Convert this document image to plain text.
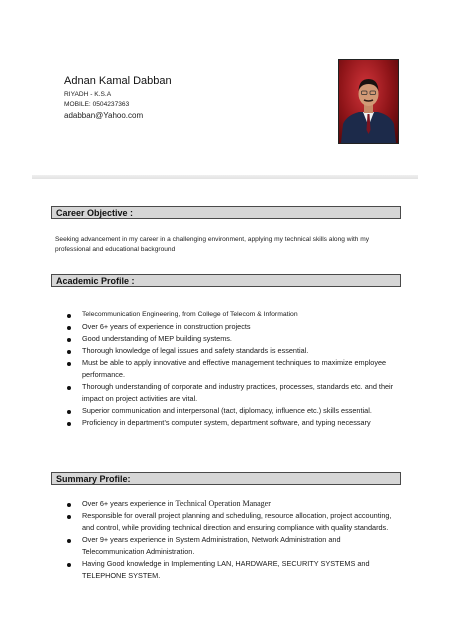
Adnan Kamal Dabban
RIYADH - K.S.A
MOBILE: 0504237363
adabban@Yahoo.com
Career Objective :
Seeking advancement in my career in a challenging environment, applying my technical skills along with my professional and educational background
Academic Profile :
Telecommunication Engineering, from College of Telecom & Information
Over 6+ years of experience in construction projects
Good understanding of MEP building systems.
Thorough knowledge of legal issues and safety standards is essential.
Must be able to apply innovative and effective management techniques to maximize employee performance.
Thorough understanding of corporate and industry practices, processes, standards etc. and their impact on project activities are vital.
Superior communication and interpersonal (tact, diplomacy, influence etc.) skills essential.
Proficiency in department’s computer system, department software, and typing necessary
Summary Profile:
Over 6+ years experience in Technical Operation Manager
Responsible for overall project planning and scheduling, resource allocation, project accounting, and control, while providing technical direction and ensuring compliance with quality standards.
Over 9+ years experience in System Administration, Network Administration and Telecommunication Administration.
Having Good knowledge in Implementing LAN, HARDWARE, SECURITY SYSTEMS and TELEPHONE SYSTEM.
